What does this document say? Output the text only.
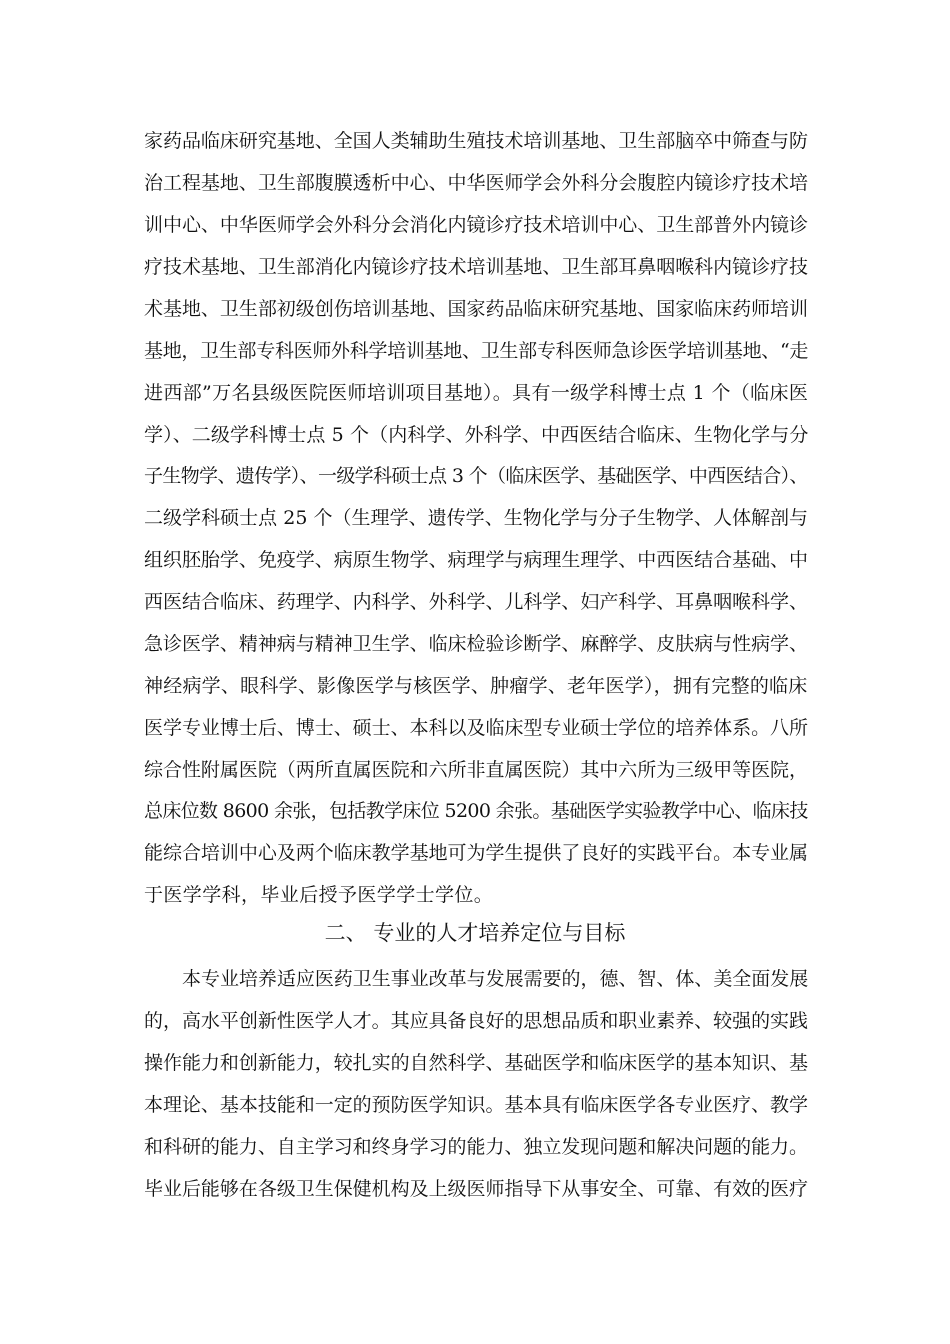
家药品临床研究基地、全国人类辅助生殖技术培训基地、卫生部脑卒中筛查与防
治工程基地、卫生部腹膜透析中心、中华医师学会外科分会腹腔内镜诊疗技术培
训中心、中华医师学会外科分会消化内镜诊疗技术培训中心、卫生部普外内镜诊
疗技术基地、卫生部消化内镜诊疗技术培训基地、卫生部耳鼻咽喉科内镜诊疗技
术基地、卫生部初级创伤培训基地、国家药品临床研究基地、国家临床药师培训
基地，卫生部专科医师外科学培训基地、卫生部专科医师急诊医学培训基地、“走
进西部”万名县级医院医师培训项目基地）。具有一级学科博士点 1 个（临床医
学）、二级学科博士点 5 个（内科学、外科学、中西医结合临床、生物化学与分
子生物学、遗传学）、一级学科硕士点 3 个（临床医学、基础医学、中西医结合）、
二级学科硕士点 25 个（生理学、遗传学、生物化学与分子生物学、人体解剖与
组织胚胎学、免疫学、病原生物学、病理学与病理生理学、中西医结合基础、中
西医结合临床、药理学、内科学、外科学、儿科学、妇产科学、耳鼻咽喉科学、
急诊医学、精神病与精神卫生学、临床检验诊断学、麻醉学、皮肤病与性病学、
神经病学、眼科学、影像医学与核医学、肿瘤学、老年医学），拥有完整的临床
医学专业博士后、博士、硕士、本科以及临床型专业硕士学位的培养体系。八所
综合性附属医院（两所直属医院和六所非直属医院）其中六所为三级甲等医院，
总床位数 8600 余张，包括教学床位 5200 余张。基础医学实验教学中心、临床技
能综合培训中心及两个临床教学基地可为学生提供了良好的实践平台。本专业属
于医学学科，毕业后授予医学学士学位。
二、 专业的人才培养定位与目标
本专业培养适应医药卫生事业改革与发展需要的，德、智、体、美全面发展
的，高水平创新性医学人才。其应具备良好的思想品质和职业素养、较强的实践
操作能力和创新能力，较扎实的自然科学、基础医学和临床医学的基本知识、基
本理论、基本技能和一定的预防医学知识。基本具有临床医学各专业医疗、教学
和科研的能力、自主学习和终身学习的能力、独立发现问题和解决问题的能力。
毕业后能够在各级卫生保健机构及上级医师指导下从事安全、可靠、有效的医疗
